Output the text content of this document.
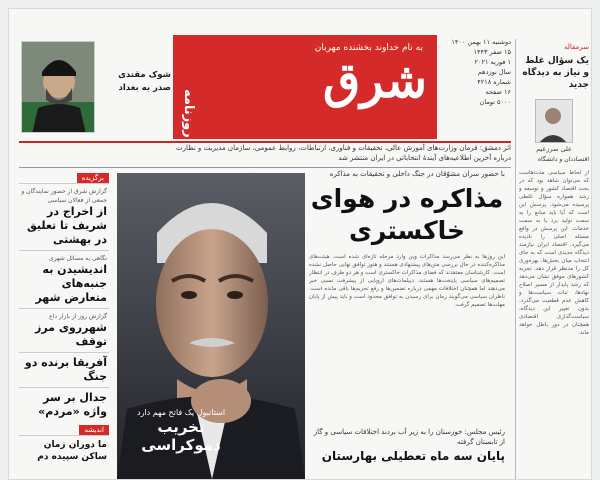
شوک مقتدی صدر به بغداد
به نام خداوند بخشنده مهربان
شرق
روزنامه
دوشنبه ۱۱ بهمن ۱۴۰۰
۱۵ صفر ۱۴۴۳
۱ فوریه ۲۰۲۱
سال نوزدهم
شماره ۴۲۱۸
۱۶ صفحه
۵۰۰۰ تومان
اثر دمشق: فرمان وزارت‌های آموزش عالی، تحقیقات و فناوری، ارتباطات، روابط عمومی، سازمان مدیریت و نظارت
درباره آخرین اطلاعیه‌های آیندهٔ انتخاباتی در ایران منتشر شد
برگزیده
گزارش شرق از حضور نمایندگان و جمعی از فعالان سیاسی
از اخراج در شریف تا تعلیق در بهشتی
نگاهی به مسائل شهری
اندیشیدن به جنبه‌های متعارض شهر
گزارش روز از بازار داغ
شهرروی مرز توقف
آفریقا برنده دو جنگ
جدال بر سر واژه «مردم»
اندیشه
ما دوران زمان ساکن سپیده دم
استانبول یک فاتح مهم دارد
تخریب دموکراسی
با حضور سران مشوّقان در جنگ داخلی و تحقیقات به مذاکره
مذاکره در هوای خاکستری
این روزها به نظر می‌رسد مذاکرات وین وارد مرحله تازه‌ای شده است. هیئت‌های مذاکره‌کننده در حال بررسی متن‌های پیشنهادی هستند و هنوز توافق نهایی حاصل نشده است. کارشناسان معتقدند که فضای مذاکرات خاکستری است و هر دو طرف در انتظار تصمیم‌های سیاسی پایتخت‌ها هستند. دیپلمات‌های اروپایی از پیشرفت نسبی خبر می‌دهند اما همچنان اختلافات مهمی درباره تضمین‌ها و رفع تحریم‌ها باقی مانده است. ناظران سیاسی می‌گویند زمان برای رسیدن به توافق محدود است و باید پیش از پایان مهلت‌ها تصمیم گرفت.
رئیس مجلس: خوزستان را به زیر آب بردند اختلافات سیاسی و گاز از تابستان گرفته
پایان سه ماه تعطیلی بهارستان
سرمقاله
یک سؤال غلط و نیاز به دیدگاه جدید
علی سرزعیم
اقتصاددان و دانشگاه
از لحاظ سیاسی مدت‌هاست که می‌توان شاهد بود که در بحث اقتصاد کشور و توسعه و رشد همواره سؤال غلطی پرسیده می‌شود. پرسش این است که آیا باید منابع را به سمت تولید برد یا به سمت خدمات. این پرسش در واقع مسئله اصلی را نادیده می‌گیرد. اقتصاد ایران نیازمند دیدگاه جدیدی است که به جای انتخاب میان بخش‌ها، بهره‌وری کل را مدنظر قرار دهد. تجربه کشورهای موفق نشان می‌دهد که رشد پایدار از مسیر اصلاح نهادها، ثبات سیاست‌ها و کاهش عدم قطعیت می‌گذرد. بدون تغییر این دیدگاه، سیاست‌گذاری اقتصادی همچنان در دور باطل خواهد ماند.
